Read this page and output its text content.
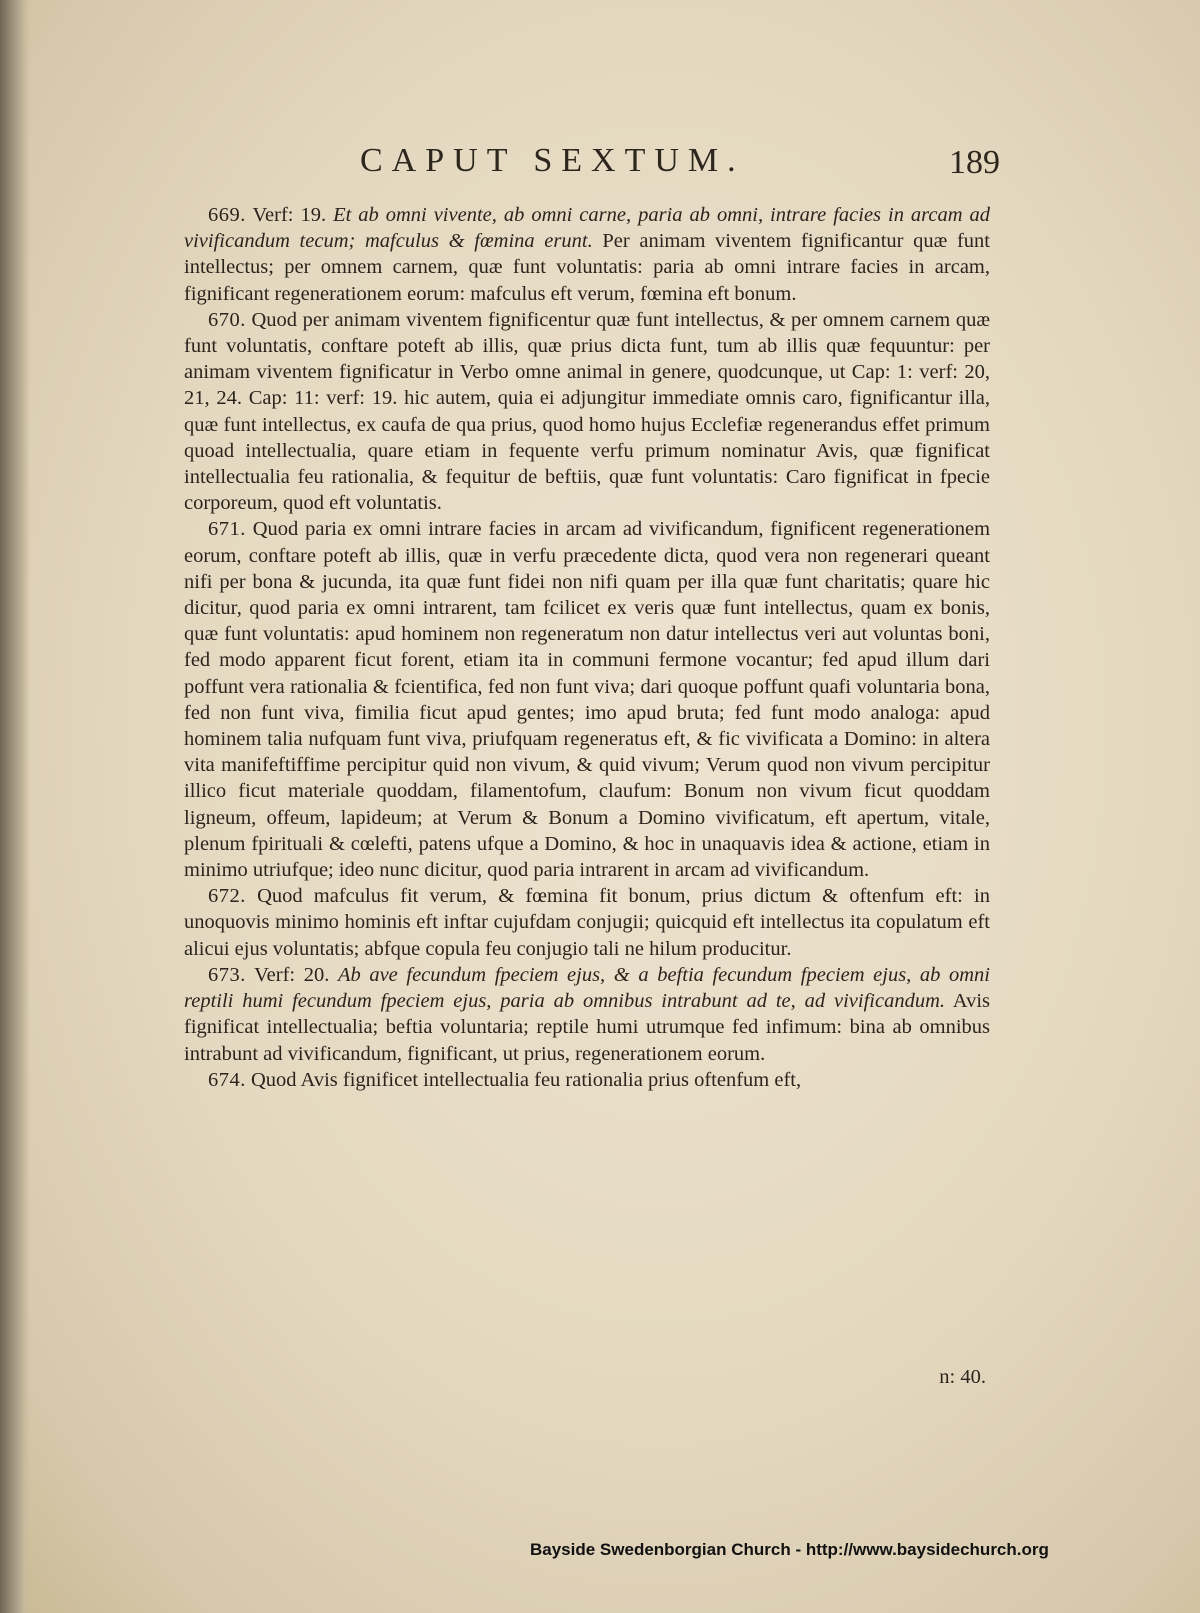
CAPUT SEXTUM.	189

669. Verf: 19. Et ab omni vivente, ab omni carne, paria ab omni, intrare facies in arcam ad vivificandum tecum; mafculus & fœmina erunt. Per animam viventem fignificantur quæ funt intellectus; per omnem carnem, quæ funt voluntatis: paria ab omni intrare facies in arcam, fignificant regenerationem eorum: mafculus eft verum, fœmina eft bonum.

670. Quod per animam viventem fignificentur quæ funt intellectus, & per omnem carnem quæ funt voluntatis, conftare poteft ab illis, quæ prius dicta funt, tum ab illis quæ fequuntur: per animam viventem fignificatur in Verbo omne animal in genere, quodcunque, ut Cap: 1: verf: 20, 21, 24. Cap: 11: verf: 19. hic autem, quia ei adjungitur immediate omnis caro, fignificantur illa, quæ funt intellectus, ex caufa de qua prius, quod homo hujus Ecclefiæ regenerandus effet primum quoad intellectualia, quare etiam in fequente verfu primum nominatur Avis, quæ fignificat intellectualia feu rationalia, & fequitur de beftiis, quæ funt voluntatis: Caro fignificat in fpecie corporeum, quod eft voluntatis.

671. Quod paria ex omni intrare facies in arcam ad vivificandum, fignificent regenerationem eorum, conftare poteft ab illis, quæ in verfu præcedente dicta, quod vera non regenerari queant nifi per bona & jucunda, ita quæ funt fidei non nifi quam per illa quæ funt charitatis; quare hic dicitur, quod paria ex omni intrarent, tam fcilicet ex veris quæ funt intellectus, quam ex bonis, quæ funt voluntatis: apud hominem non regeneratum non datur intellectus veri aut voluntas boni, fed modo apparent ficut forent, etiam ita in communi fermone vocantur; fed apud illum dari poffunt vera rationalia & fcientifica, fed non funt viva; dari quoque poffunt quafi voluntaria bona, fed non funt viva, fimilia ficut apud gentes; imo apud bruta; fed funt modo analoga: apud hominem talia nufquam funt viva, priufquam regeneratus eft, & fic vivificata a Domino: in altera vita manifeftiffime percipitur quid non vivum, & quid vivum; Verum quod non vivum percipitur illico ficut materiale quoddam, filamentofum, claufum: Bonum non vivum ficut quoddam ligneum, offeum, lapideum; at Verum & Bonum a Domino vivificatum, eft apertum, vitale, plenum fpirituali & cœlefti, patens ufque a Domino, & hoc in unaquavis idea & actione, etiam in minimo utriufque; ideo nunc dicitur, quod paria intrarent in arcam ad vivificandum.

672. Quod mafculus fit verum, & fœmina fit bonum, prius dictum & oftenfum eft: in unoquovis minimo hominis eft inftar cujufdam conjugii; quicquid eft intellectus ita copulatum eft alicui ejus voluntatis; abfque copula feu conjugio tali ne hilum producitur.

673. Verf: 20. Ab ave fecundum fpeciem ejus, & a beftia fecundum fpeciem ejus, ab omni reptili humi fecundum fpeciem ejus, paria ab omnibus intrabunt ad te, ad vivificandum. Avis fignificat intellectualia; beftia voluntaria; reptile humi utrumque fed infimum: bina ab omnibus intrabunt ad vivificandum, fignificant, ut prius, regenerationem eorum.

674. Quod Avis fignificet intellectualia feu rationalia prius oftenfum eft,

n: 40.
Bayside Swedenborgian Church - http://www.baysidechurch.org
